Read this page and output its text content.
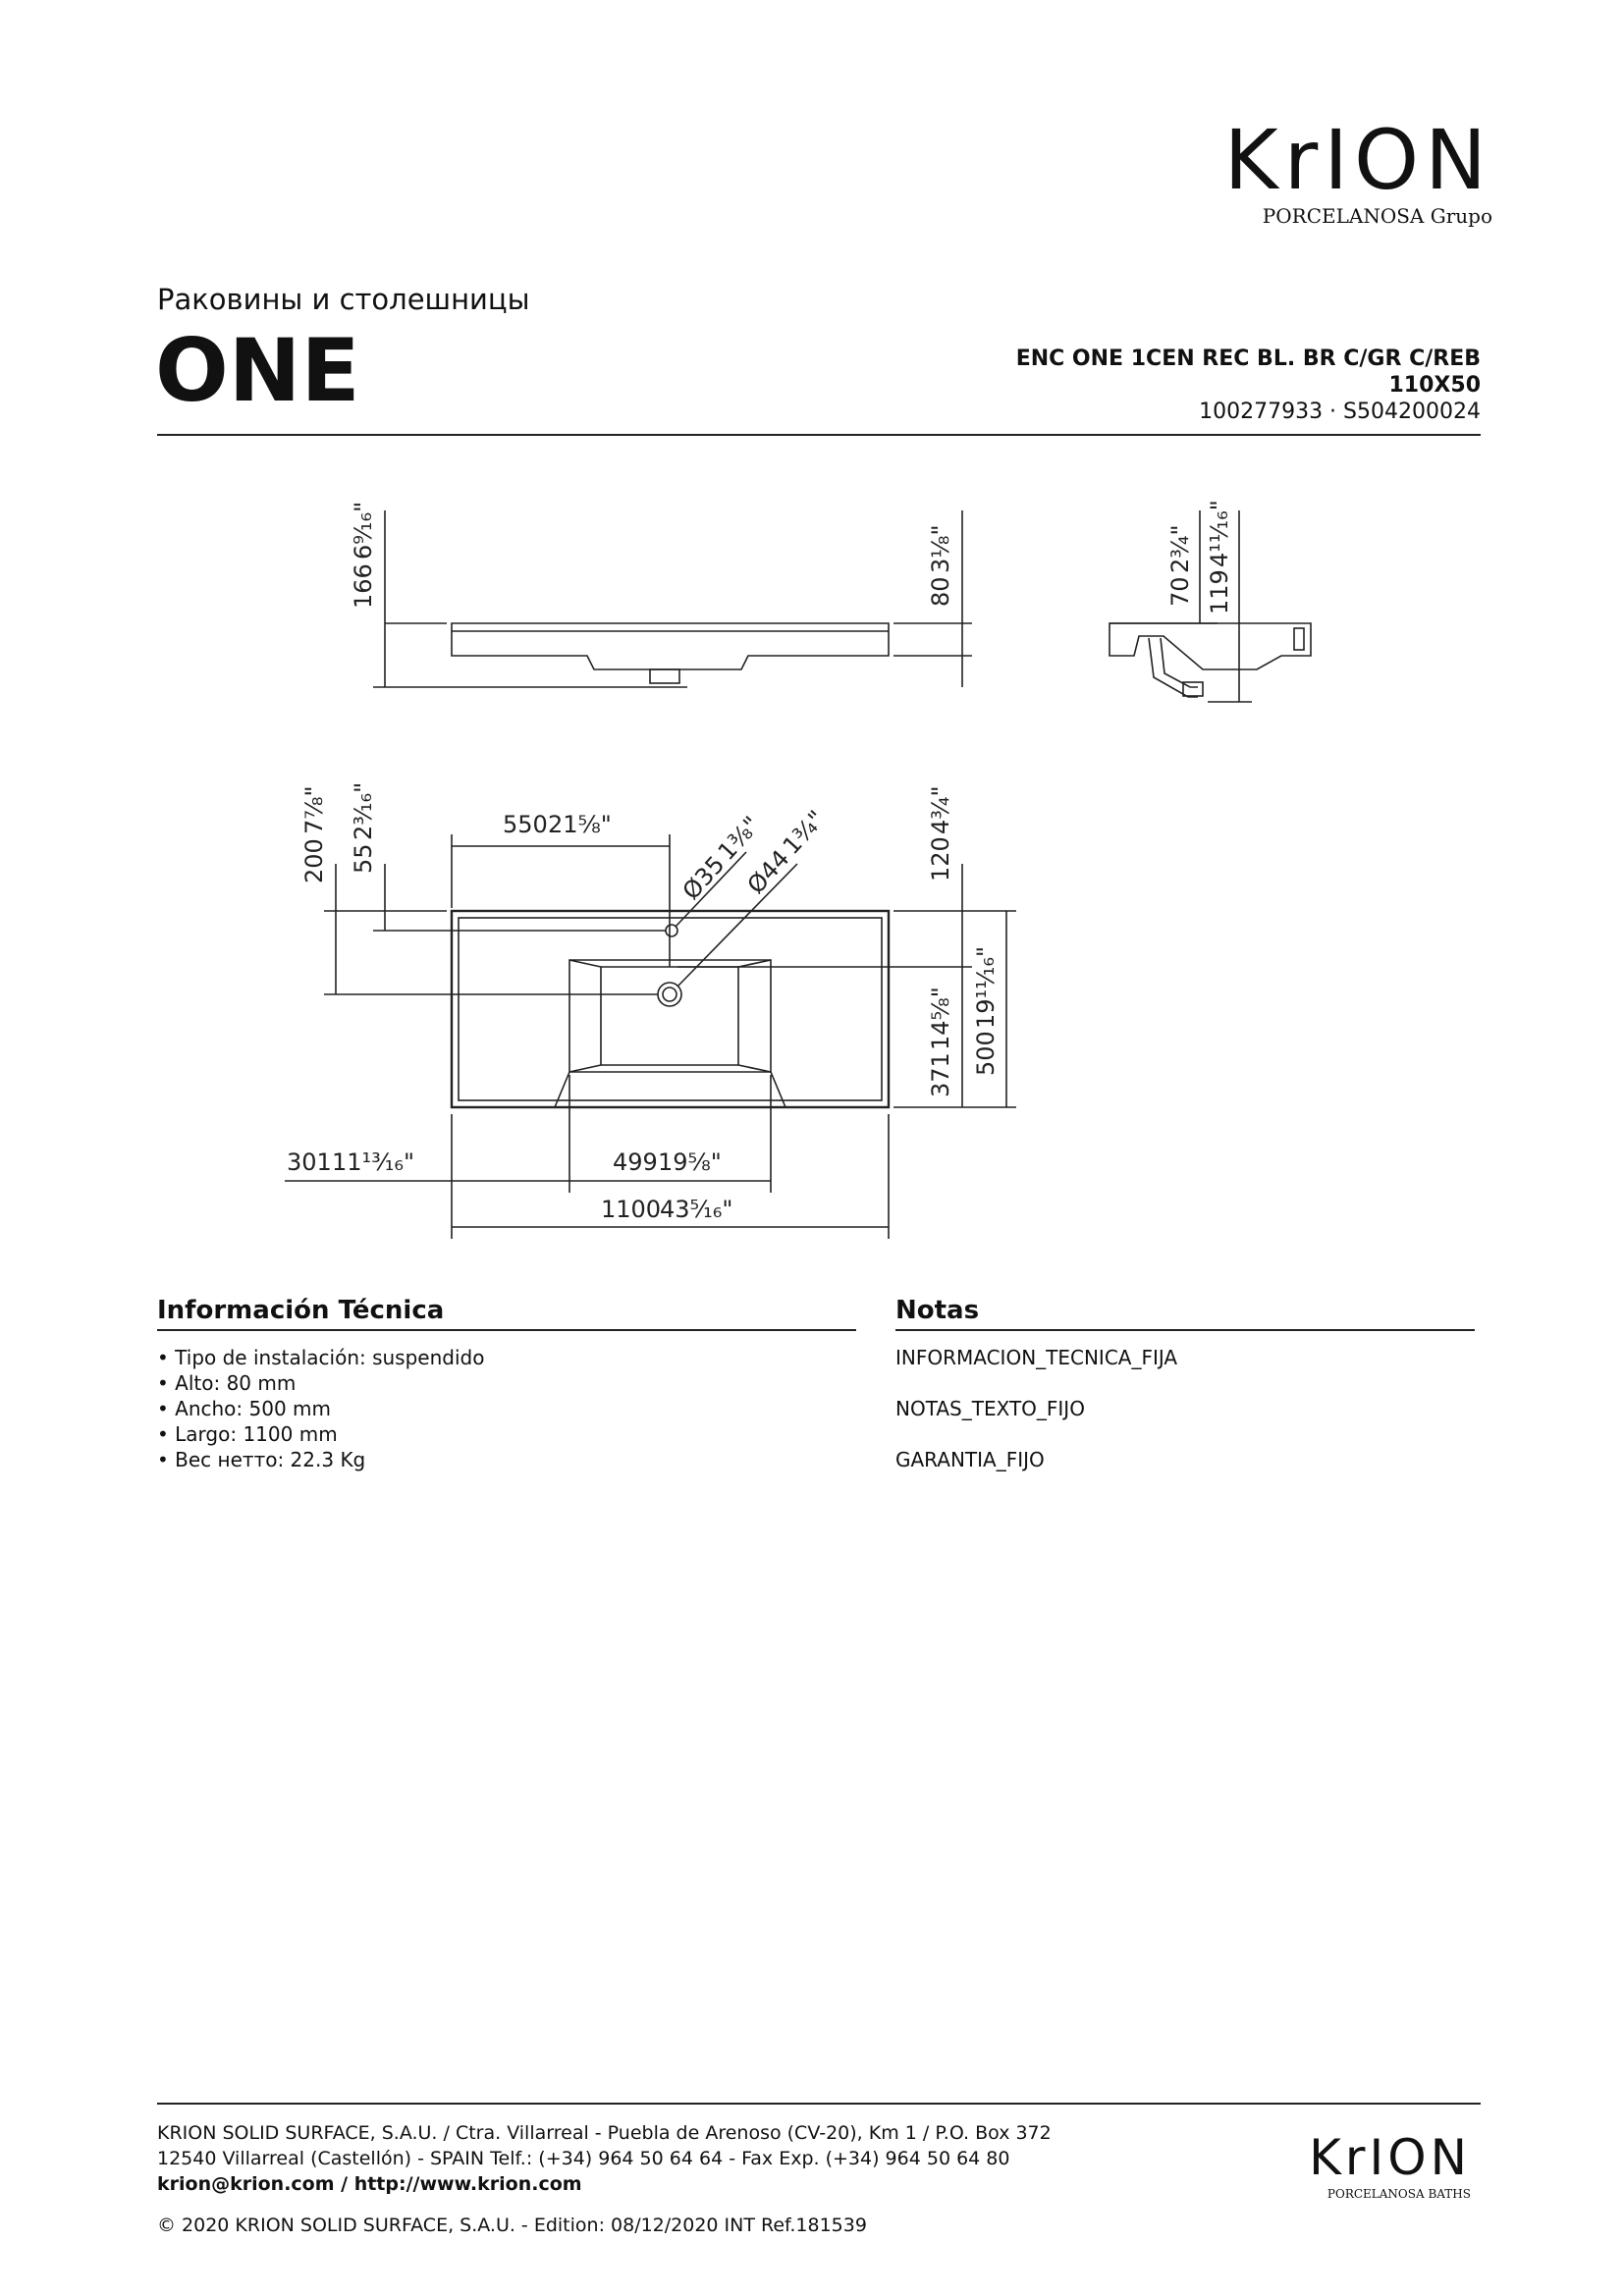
KrION
PORCELANOSA Grupo
Раковины и столешницы
ONE	ENC ONE 1CEN REC BL. BR C/GR C/REB
110X50
100277933 · S504200024
166
6⁹⁄₁₆"
80
3⅛"
70
2¾"
119
4¹¹⁄₁₆"
200
7⅞"
55
2³⁄₁₆"	550 21⅝"
Ø35
1⅜"
Ø44
1¾"	120
4¾"
371
14⅝"
500
19¹¹⁄₁₆"
301 11¹³⁄₁₆"	499 19⅝"
1100
43⁵⁄₁₆"
Información Técnica
• Tipo de instalación: suspendido
• Alto: 80 mm
• Ancho: 500 mm
• Largo: 1100 mm
• Вес нетто: 22.3 Kg
Notas

INFORMACION_TECNICA_FIJA

NOTAS_TEXTO_FIJO

GARANTIA_FIJO

KRION SOLID SURFACE, S.A.U. / Ctra. Villarreal - Puebla de Arenoso (CV-20), Km 1 / P.O. Box 372
12540 Villarreal (Castellón) - SPAIN Telf.: (+34) 964 50 64 64 - Fax Exp. (+34) 964 50 64 80
krion@krion.com / http://www.krion.com
© 2020 KRION SOLID SURFACE, S.A.U. - Edition: 08/12/2020 INT Ref.181539
KrION
PORCELANOSA BATHS
